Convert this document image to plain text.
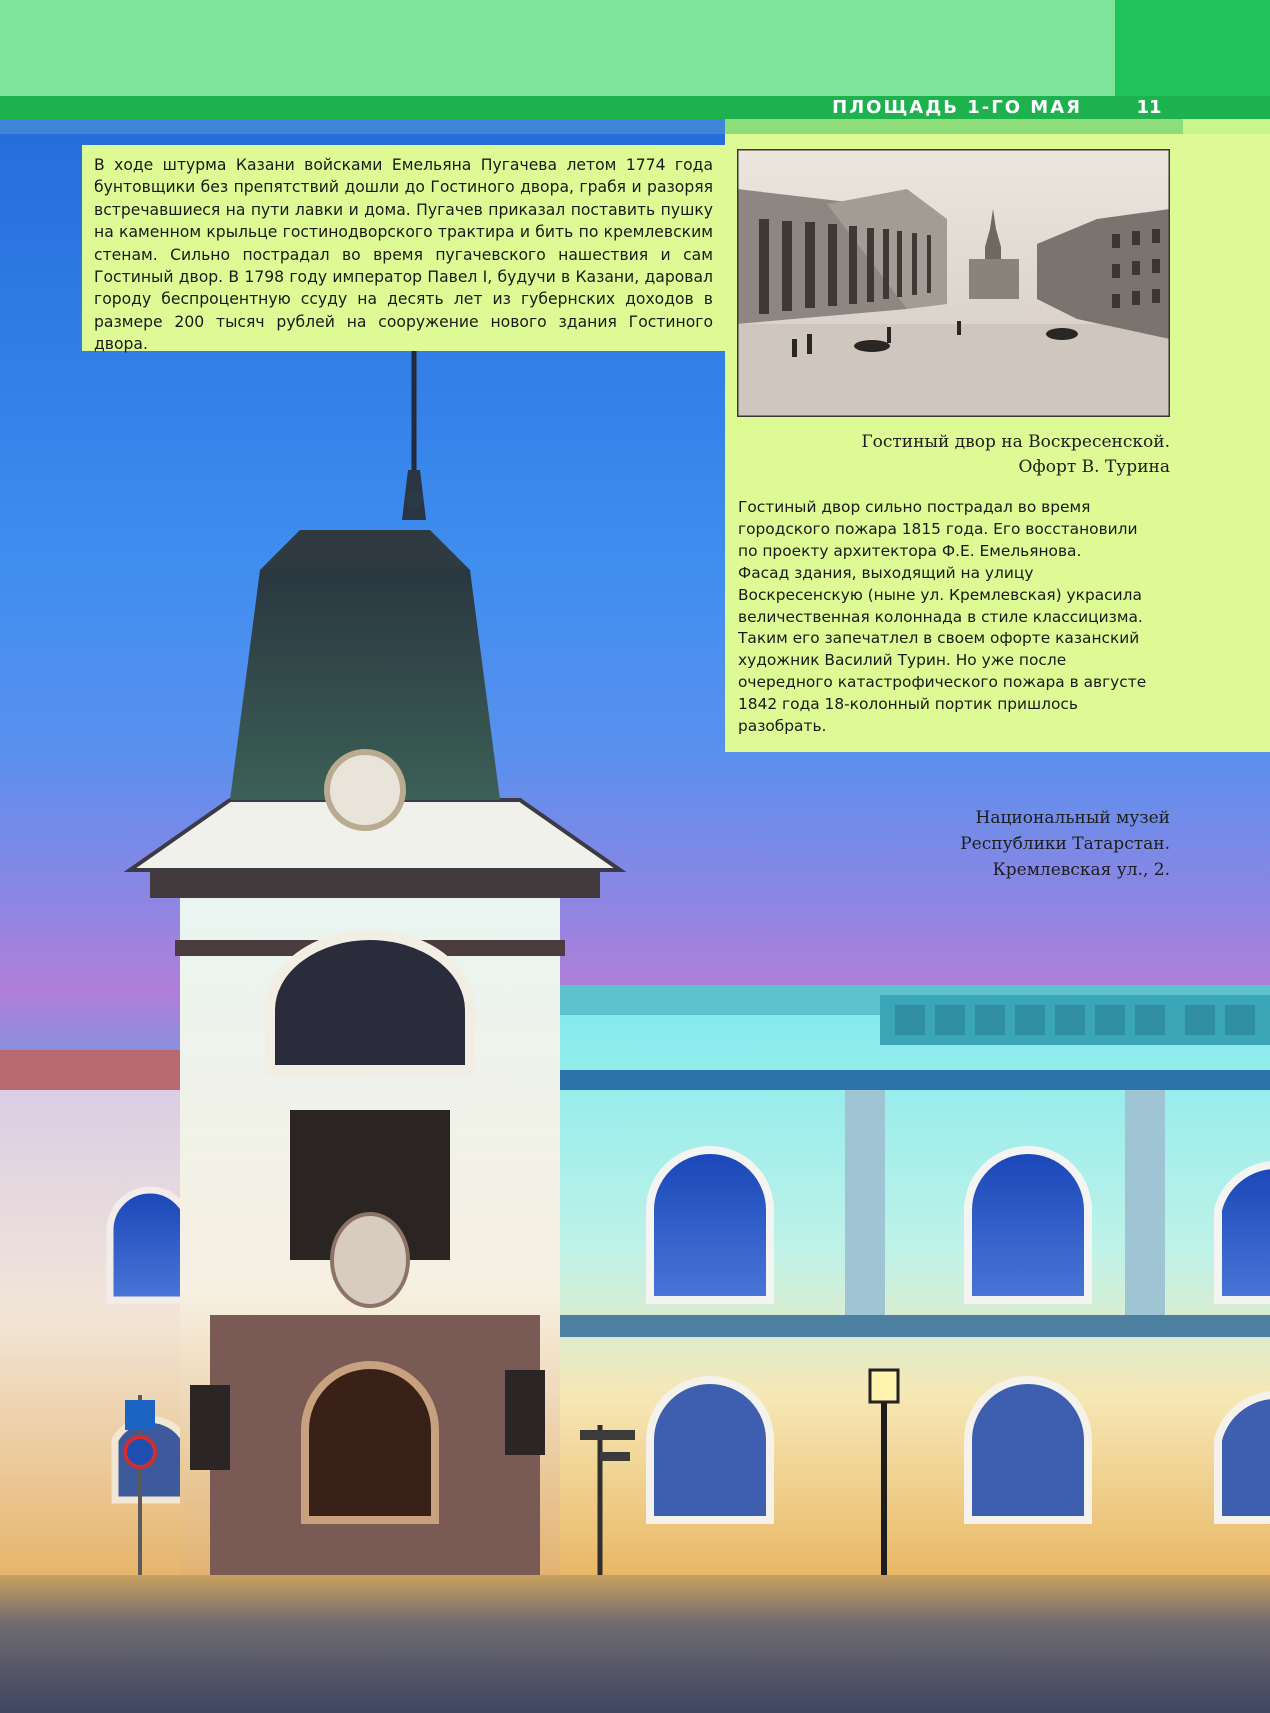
ПЛОЩАДЬ 1-ГО МАЯ	11

В ходе штурма Казани войсками Емельяна Пугачева летом 1774 года бунтовщики без препятствий дошли до Гостиного двора, грабя и разоряя встречавшиеся на пути лавки и дома. Пугачев приказал поставить пушку на каменном крыльце гостинодворского трактира и бить по кремлевским стенам. Сильно пострадал во время пугачевского нашествия и сам Гостиный двор. В 1798 году император Павел I, будучи в Казани, даровал городу беспроцентную ссуду на десять лет из губернских доходов в размере 200 тысяч рублей на сооружение нового здания Гостиного двора.

Гостиный двор на Воскресенской.
Офорт В. Турина

Гостиный двор сильно пострадал во время городского пожара 1815 года. Его восстановили по проекту архитектора Ф.Е. Емельянова.

Фасад здания, выходящий на улицу Воскресенскую (ныне ул. Кремлевская) украсила величественная колоннада в стиле классицизма. Таким его запечатлел в своем офорте казанский художник Василий Турин. Но уже после очередного катастрофического пожара в августе 1842 года 18-колонный портик пришлось разобрать.

Национальный музей
Республики Татарстан.
Кремлевская ул., 2.
